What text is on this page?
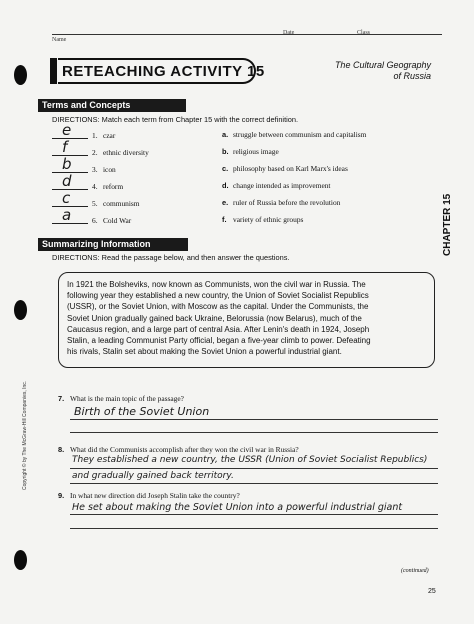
Name
Date	Class
RETEACHING ACTIVITY 15	The Cultural Geography
of Russia
Terms and Concepts
DIRECTIONS: Match each term from Chapter 15 with the correct definition.
e	1. czar	a. struggle between communism and capitalism
f	2. ethnic diversity	b. religious image
b	3. icon	c. philosophy based on Karl Marx's ideas
d	4. reform	d. change intended as improvement
c	5. communism	e. ruler of Russia before the revolution
a	6. Cold War	f. variety of ethnic groups
Summarizing Information
DIRECTIONS: Read the passage below, and then answer the questions.
In 1921 the Bolsheviks, now known as Communists, won the civil war in Russia. The
following year they established a new country, the Union of Soviet Socialist Republics
(USSR), or the Soviet Union, with Moscow as the capital. Under the Communists, the
Soviet Union gradually gained back Ukraine, Belorussia (now Belarus), much of the
Caucasus region, and a large part of central Asia. After Lenin's death in 1924, Joseph
Stalin, a leading Communist Party official, began a five-year climb to power. Defeating
his rivals, Stalin set about making the Soviet Union a powerful industrial giant.
7. What is the main topic of the passage?
Birth of the Soviet Union
8. What did the Communists accomplish after they won the civil war in Russia?
They established a new country, the USSR (Union of Soviet Socialist Republics)
and gradually gained back territory.
9. In what new direction did Joseph Stalin take the country?
He set about making the Soviet Union into a powerful industrial giant
CHAPTER 15
Copyright © by The McGraw-Hill Companies, Inc.
(continued)
25
